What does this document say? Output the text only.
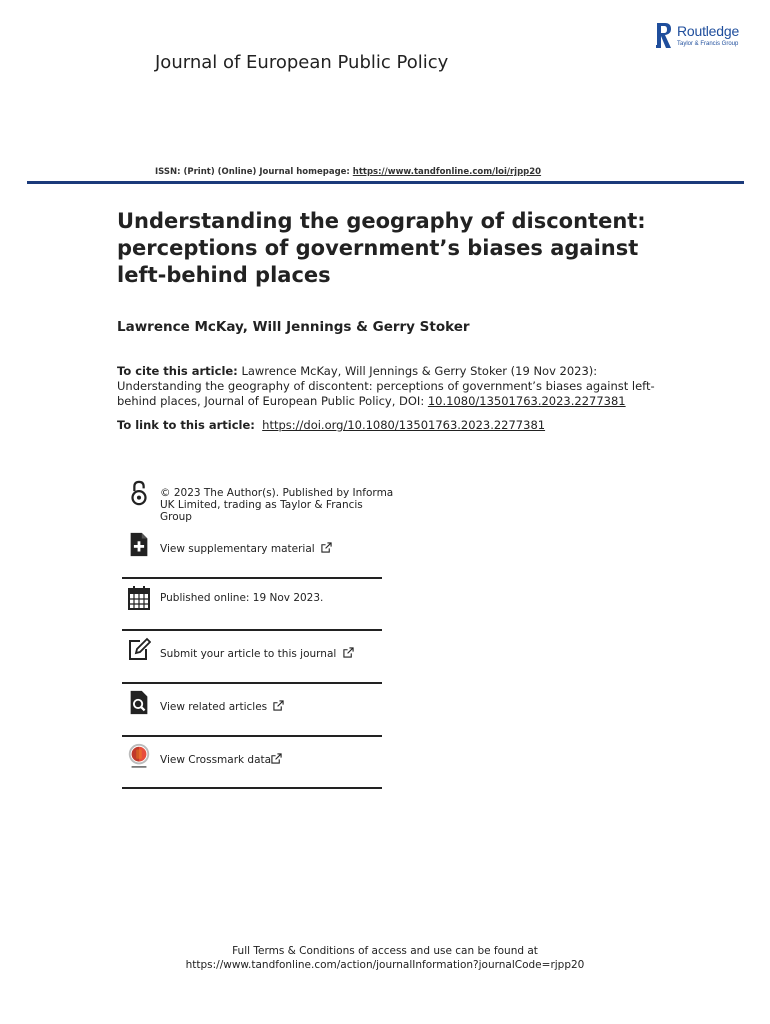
Routledge
Taylor & Francis Group
Journal of European Public Policy
ISSN: (Print) (Online) Journal homepage: https://www.tandfonline.com/loi/rjpp20
Understanding the geography of discontent: perceptions of government’s biases against left-behind places
Lawrence McKay, Will Jennings & Gerry Stoker
To cite this article: Lawrence McKay, Will Jennings & Gerry Stoker (19 Nov 2023): Understanding the geography of discontent: perceptions of government’s biases against left-behind places, Journal of European Public Policy, DOI: 10.1080/13501763.2023.2277381
To link to this article: https://doi.org/10.1080/13501763.2023.2277381
© 2023 The Author(s). Published by Informa
UK Limited, trading as Taylor & Francis
Group
View supplementary material
Published online: 19 Nov 2023.
Submit your article to this journal
View related articles
View Crossmark data
Full Terms & Conditions of access and use can be found at
https://www.tandfonline.com/action/journalInformation?journalCode=rjpp20
